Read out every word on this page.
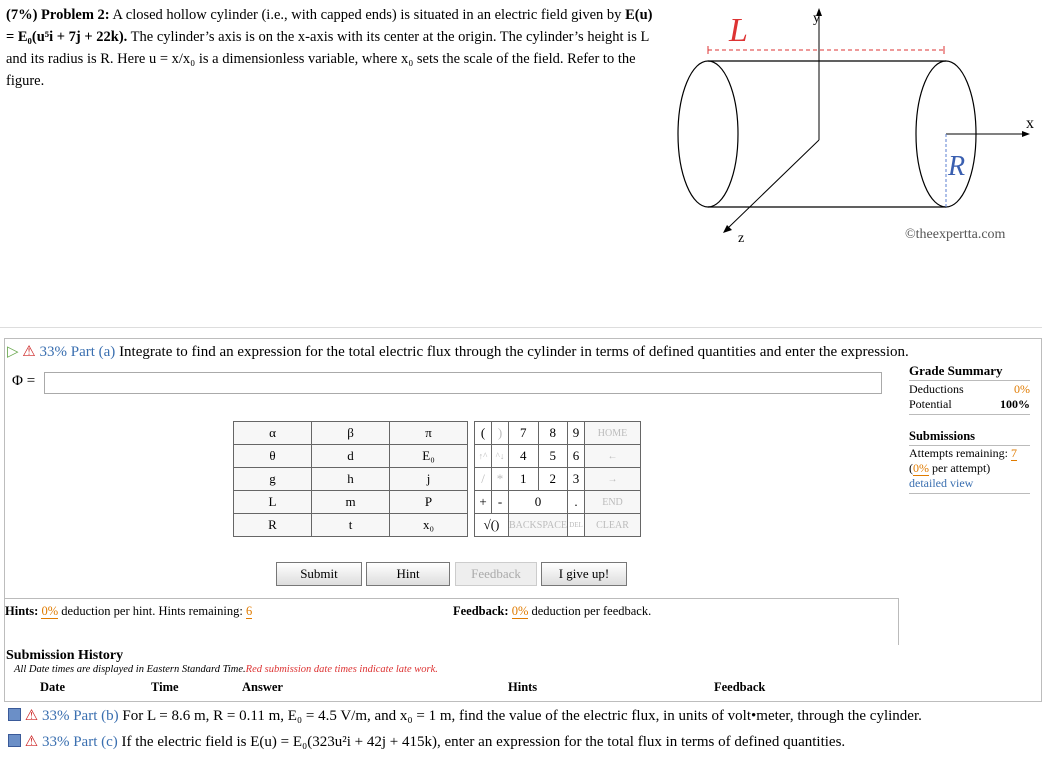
(7%) Problem 2: A closed hollow cylinder (i.e., with capped ends) is situated in an electric field given by E(u) = E₀(u⁵i + 7j + 22k). The cylinder’s axis is on the x-axis with its center at the origin. The cylinder’s height is L and its radius is R. Here u = x/x₀ is a dimensionless variable, where x₀ sets the scale of the field. Refer to the figure.
L	y
x
z
R
©theexpertta.com
▷ ⚠ 33% Part (a) Integrate to find an expression for the total electric flux through the cylinder in terms of defined quantities and enter the expression.
Φ =
Grade Summary
Deductions	0%
Potential	100%
Submissions
Attempts remaining: 7
(0% per attempt)
detailed view
α	β	π
θ	d	E₀
g	h	j
L	m	P
R	t	x₀
(	)	7	8	9	HOME
↑^	^↓	4	5	6	←
/	*	1	2	3	→
+	-	0		.	END
√()		BACKSPACE		DEL	CLEAR
Submit	Hint	Feedback	I give up!
Hints: 0% deduction per hint. Hints remaining: 6	Feedback: 0% deduction per feedback.
Submission History
All Date times are displayed in Eastern Standard Time.Red submission date times indicate late work.
Date	Time	Answer	Hints	Feedback
⚠ 33% Part (b) For L = 8.6 m, R = 0.11 m, E₀ = 4.5 V/m, and x₀ = 1 m, find the value of the electric flux, in units of volt•meter, through the cylinder.
⚠ 33% Part (c) If the electric field is E(u) = E₀(323u²i + 42j + 415k), enter an expression for the total flux in terms of defined quantities.
